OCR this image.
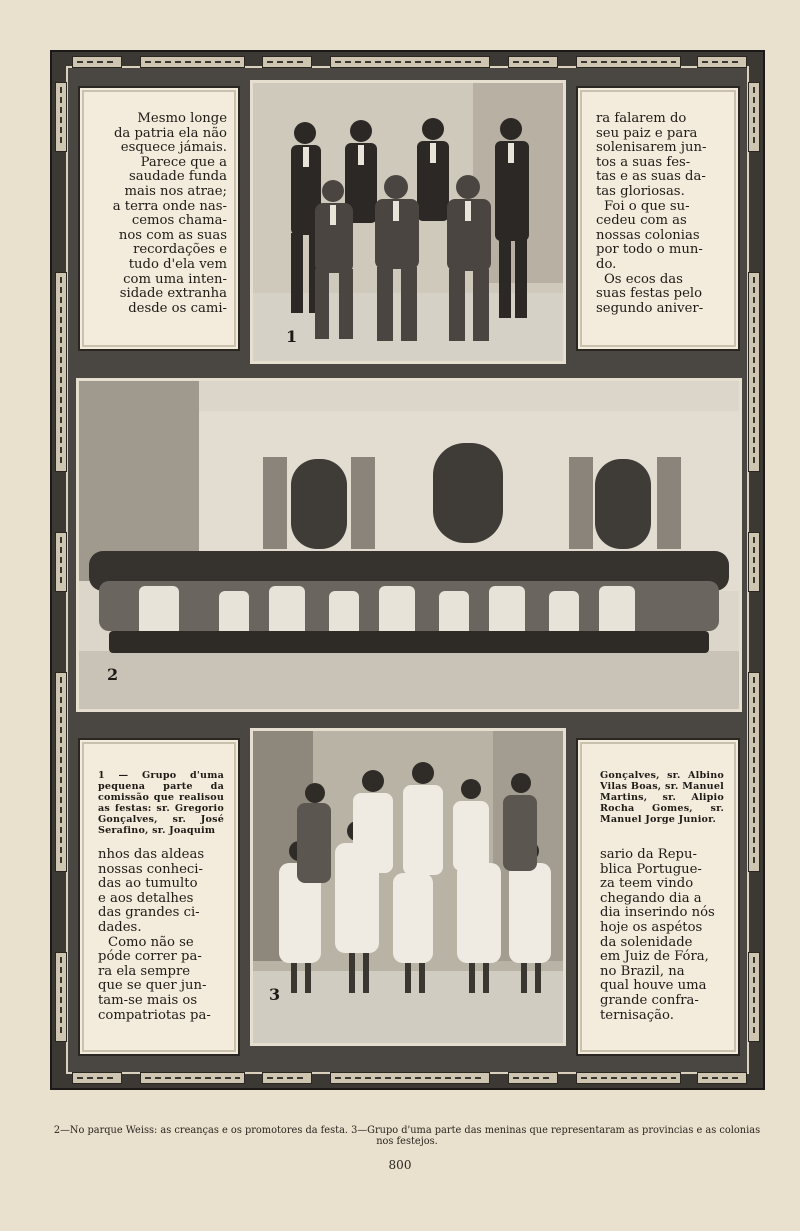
Mesmo longe

da patria ela não

esquece jámais.

Parece que a

saudade funda

mais nos atrae;

a terra onde nas-

cemos chama-

nos com as suas

recordações e

tudo d'ela vem

com uma inten-

sidade extranha

desde os cami-

1

ra falarem do

seu paiz e para

solenisarem jun-

tos a suas fes-

tas e as suas da-

tas gloriosas.

Foi o que su-

cedeu com as

nossas colonias

por todo o mun-

do.

Os ecos das

suas festas pelo

segundo aniver-

2
1 — Grupo d'uma pequena parte da comissão que realisou as festas: sr. Gregorio Gonçalves, sr. José Serafino, sr. Joaquim

nhos das aldeas

nossas conheci-

das ao tumulto

e aos detalhes

das grandes ci-

dades.

Como não se

póde correr pa-

ra ela sempre

que se quer jun-

tam-se mais os

compatriotas pa-

3
Gonçalves, sr. Albino Vilas Boas, sr. Manuel Martins, sr. Alipio Rocha Gomes, sr. Manuel Jorge Junior.

sario da Repu-

blica Portugue-

za teem vindo

chegando dia a

dia inserindo nós

hoje os aspétos

da solenidade

em Juiz de Fóra,

no Brazil, na

qual houve uma

grande confra-

ternisação.

2—No parque Weiss: as creanças e os promotores da festa. 3—Grupo d'uma parte das meninas que representaram as provincias e as colonias nos festejos.
800
